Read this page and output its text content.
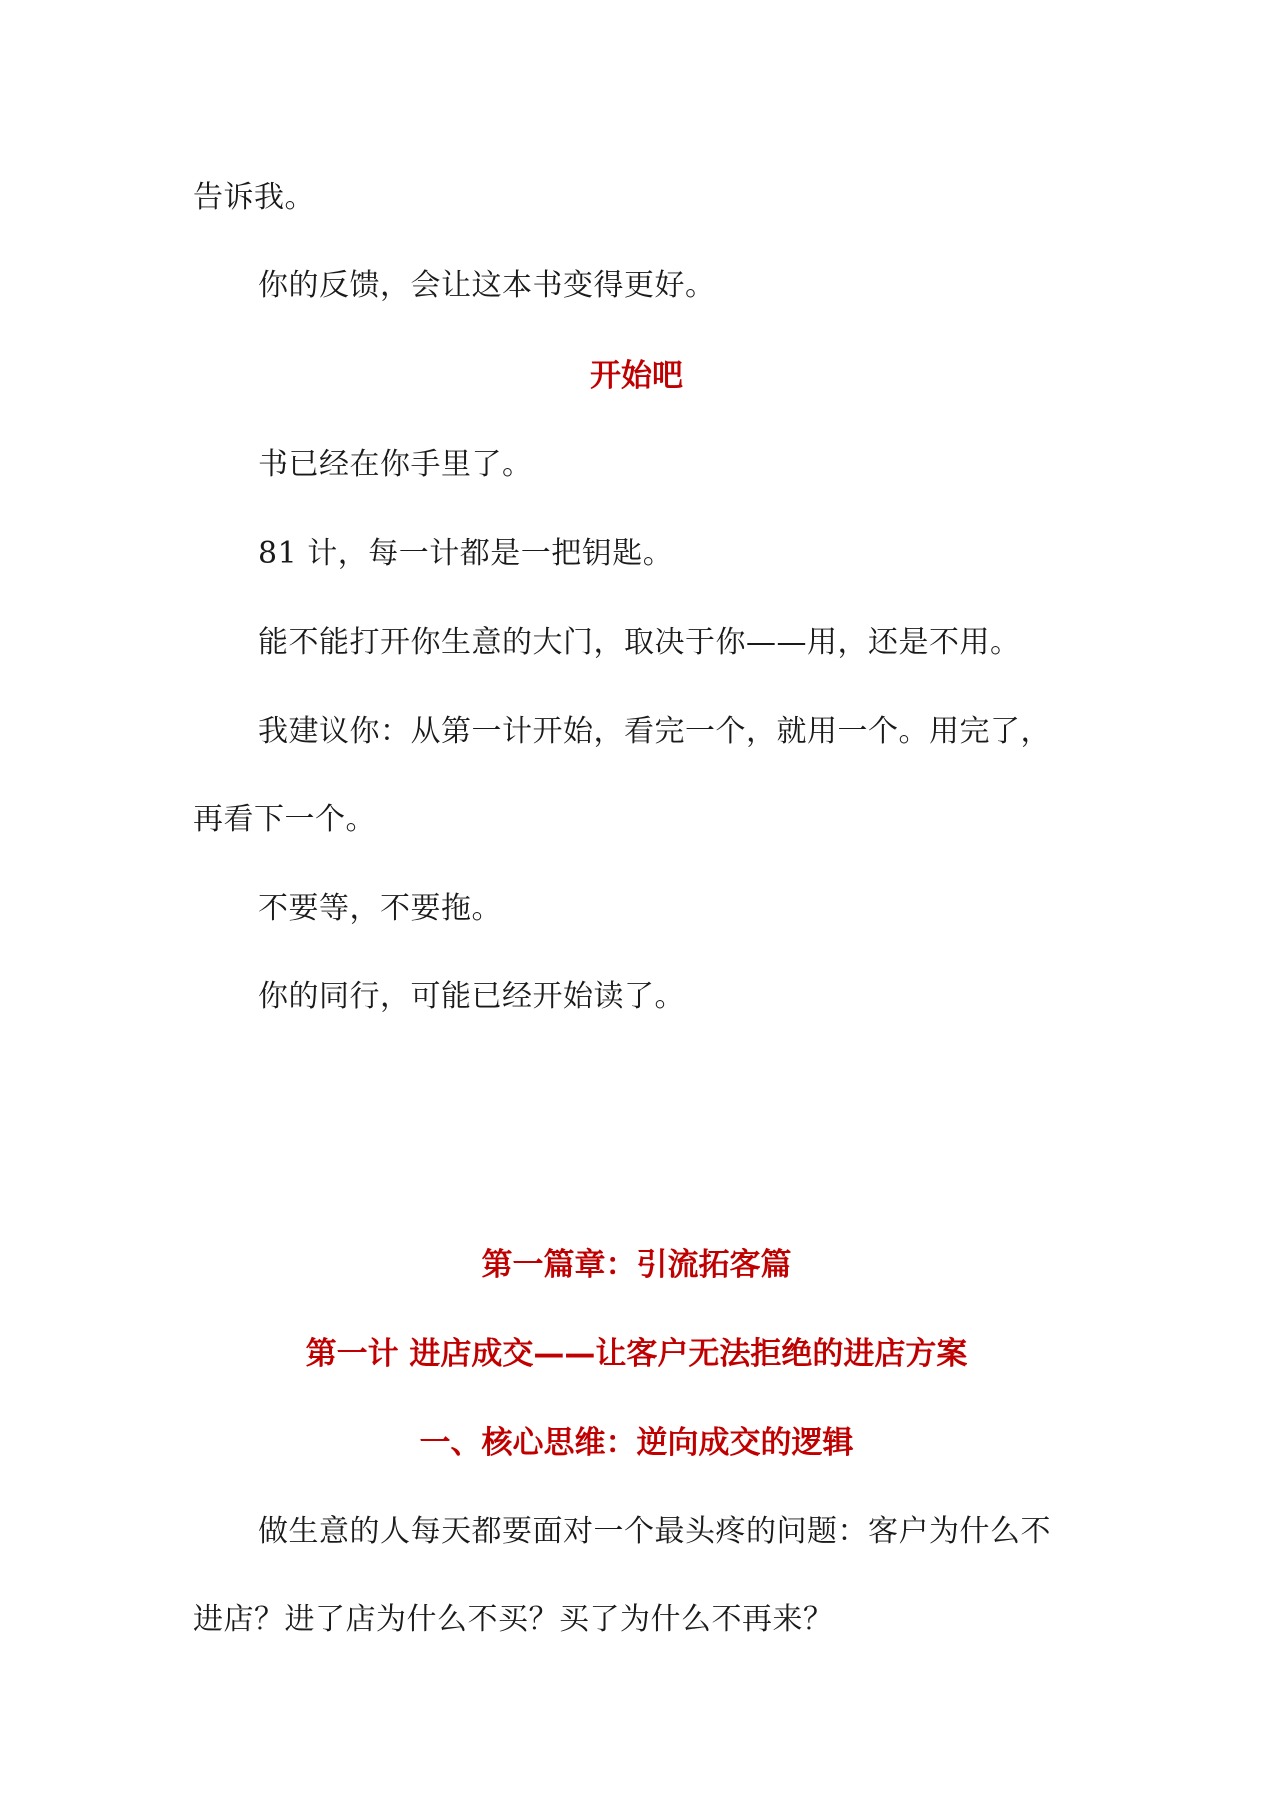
告诉我。
你的反馈，会让这本书变得更好。
开始吧
书已经在你手里了。
81 计，每一计都是一把钥匙。
能不能打开你生意的大门，取决于你——用，还是不用。
我建议你：从第一计开始，看完一个，就用一个。用完了，
再看下一个。
不要等，不要拖。
你的同行，可能已经开始读了。
第一篇章：引流拓客篇
第一计 进店成交——让客户无法拒绝的进店方案
一、核心思维：逆向成交的逻辑
做生意的人每天都要面对一个最头疼的问题：客户为什么不
进店？进了店为什么不买？买了为什么不再来？
